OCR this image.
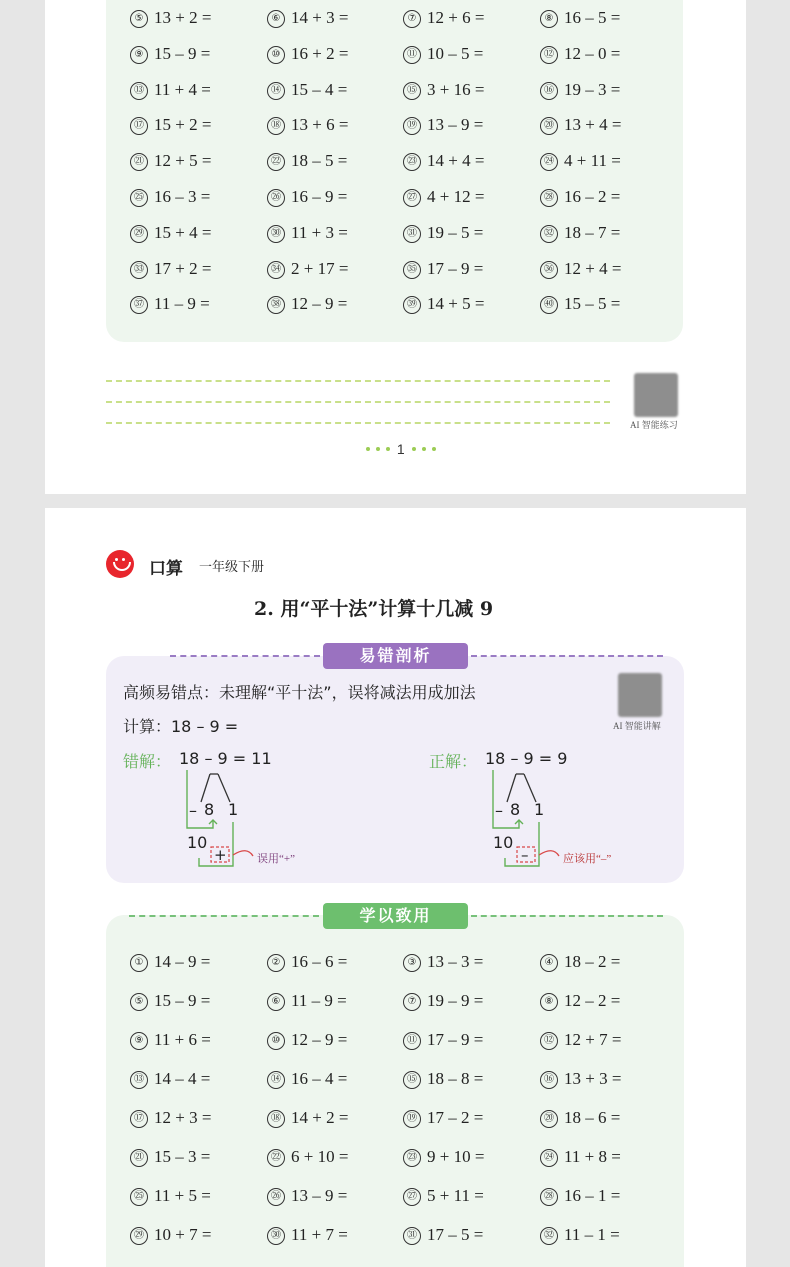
⑤ 13 + 2 =	⑥ 14 + 3 =	⑦ 12 + 6 =	⑧ 16 – 5 =
⑨ 15 – 9 =	⑩ 16 + 2 =	⑪ 10 – 5 =	⑫ 12 – 0 =
⑬ 11 + 4 =	⑭ 15 – 4 =	⑮ 3 + 16 =	⑯ 19 – 3 =
⑰ 15 + 2 =	⑱ 13 + 6 =	⑲ 13 – 9 =	⑳ 13 + 4 =
㉑ 12 + 5 =	㉒ 18 – 5 =	㉓ 14 + 4 =	㉔ 4 + 11 =
㉕ 16 – 3 =	㉖ 16 – 9 =	㉗ 4 + 12 =	㉘ 16 – 2 =
㉙ 15 + 4 =	㉚ 11 + 3 =	㉛ 19 – 5 =	㉜ 18 – 7 =
㉝ 17 + 2 =	㉞ 2 + 17 =	㉟ 17 – 9 =	㊱ 12 + 4 =
㊲ 11 – 9 =	㊳ 12 – 9 =	㊴ 14 + 5 =	㊵ 15 – 5 =
AI 智能练习
1
口算 一年级下册
2. 用“平十法”计算十几减 9
易错剖析
高频易错点：未理解“平十法”，误将减法用成加法
计算：18 – 9 =	AI 智能讲解
错解： 18 – 9 = 11
– 8 1
10
+	误用“+”
正解： 18 – 9 = 9
– 8 1
10
–	应该用“–”
学以致用
① 14 – 9 =	② 16 – 6 =	③ 13 – 3 =	④ 18 – 2 =
⑤ 15 – 9 =	⑥ 11 – 9 =	⑦ 19 – 9 =	⑧ 12 – 2 =
⑨ 11 + 6 =	⑩ 12 – 9 =	⑪ 17 – 9 =	⑫ 12 + 7 =
⑬ 14 – 4 =	⑭ 16 – 4 =	⑮ 18 – 8 =	⑯ 13 + 3 =
⑰ 12 + 3 =	⑱ 14 + 2 =	⑲ 17 – 2 =	⑳ 18 – 6 =
㉑ 15 – 3 =	㉒ 6 + 10 =	㉓ 9 + 10 =	㉔ 11 + 8 =
㉕ 11 + 5 =	㉖ 13 – 9 =	㉗ 5 + 11 =	㉘ 16 – 1 =
㉙ 10 + 7 =	㉚ 11 + 7 =	㉛ 17 – 5 =	㉜ 11 – 1 =
